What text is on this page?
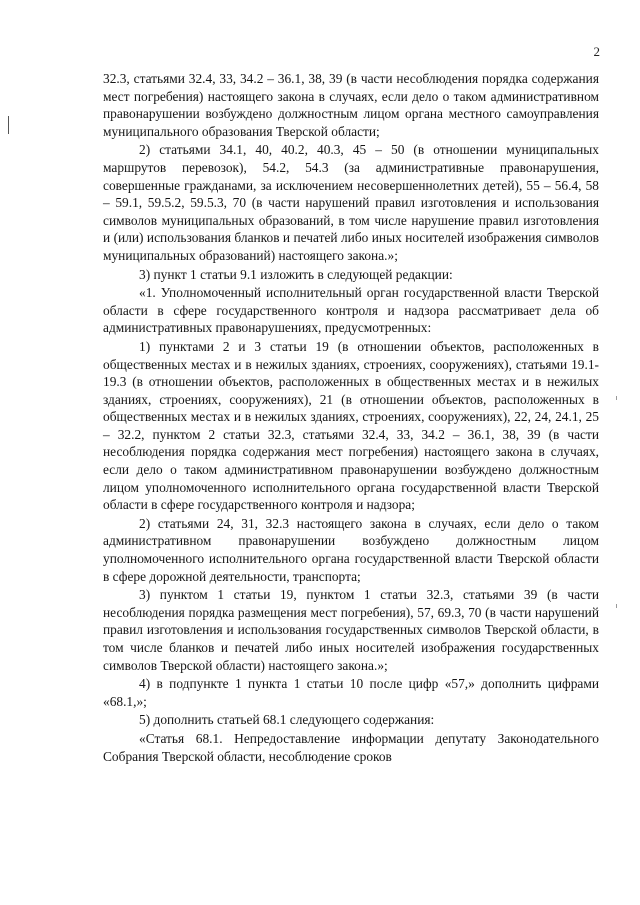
2

32.3, статьями 32.4, 33, 34.2 – 36.1, 38, 39 (в части несоблюдения порядка содержания мест погребения) настоящего закона в случаях, если дело о таком административном правонарушении возбуждено должностным лицом органа местного самоуправления муниципального образования Тверской области;

2) статьями 34.1, 40, 40.2, 40.3, 45 – 50 (в отношении муниципальных маршрутов перевозок), 54.2, 54.3 (за административные правонарушения, совершенные гражданами, за исключением несовершеннолетних детей), 55 – 56.4, 58 – 59.1, 59.5.2, 59.5.3, 70 (в части нарушений правил изготовления и использования символов муниципальных образований, в том числе нарушение правил изготовления и (или) использования бланков и печатей либо иных носителей изображения символов муниципальных образований) настоящего закона.»;

3) пункт 1 статьи 9.1 изложить в следующей редакции:

«1. Уполномоченный исполнительный орган государственной власти Тверской области в сфере государственного контроля и надзора рассматривает дела об административных правонарушениях, предусмотренных:

1) пунктами 2 и 3 статьи 19 (в отношении объектов, расположенных в общественных местах и в нежилых зданиях, строениях, сооружениях), статьями 19.1- 19.3 (в отношении объектов, расположенных в общественных местах и в нежилых зданиях, строениях, сооружениях), 21 (в отношении объектов, расположенных в общественных местах и в нежилых зданиях, строениях, сооружениях), 22, 24, 24.1, 25 – 32.2, пунктом 2 статьи 32.3, статьями 32.4, 33, 34.2 – 36.1, 38, 39 (в части несоблюдения порядка содержания мест погребения) настоящего закона в случаях, если дело о таком административном правонарушении возбуждено должностным лицом уполномоченного исполнительного органа государственной власти Тверской области в сфере государственного контроля и надзора;

2) статьями 24, 31, 32.3 настоящего закона в случаях, если дело о таком административном правонарушении возбуждено должностным лицом уполномоченного исполнительного органа государственной власти Тверской области в сфере дорожной деятельности, транспорта;

3) пунктом 1 статьи 19, пунктом 1 статьи 32.3, статьями 39 (в части несоблюдения порядка размещения мест погребения), 57, 69.3, 70 (в части нарушений правил изготовления и использования государственных символов Тверской области, в том числе бланков и печатей либо иных носителей изображения государственных символов Тверской области) настоящего закона.»;

4) в подпункте 1 пункта 1 статьи 10 после цифр «57,» дополнить цифрами «68.1,»;

5) дополнить статьей 68.1 следующего содержания:

«Статья 68.1. Непредоставление информации депутату Законодательного Собрания Тверской области, несоблюдение сроков
